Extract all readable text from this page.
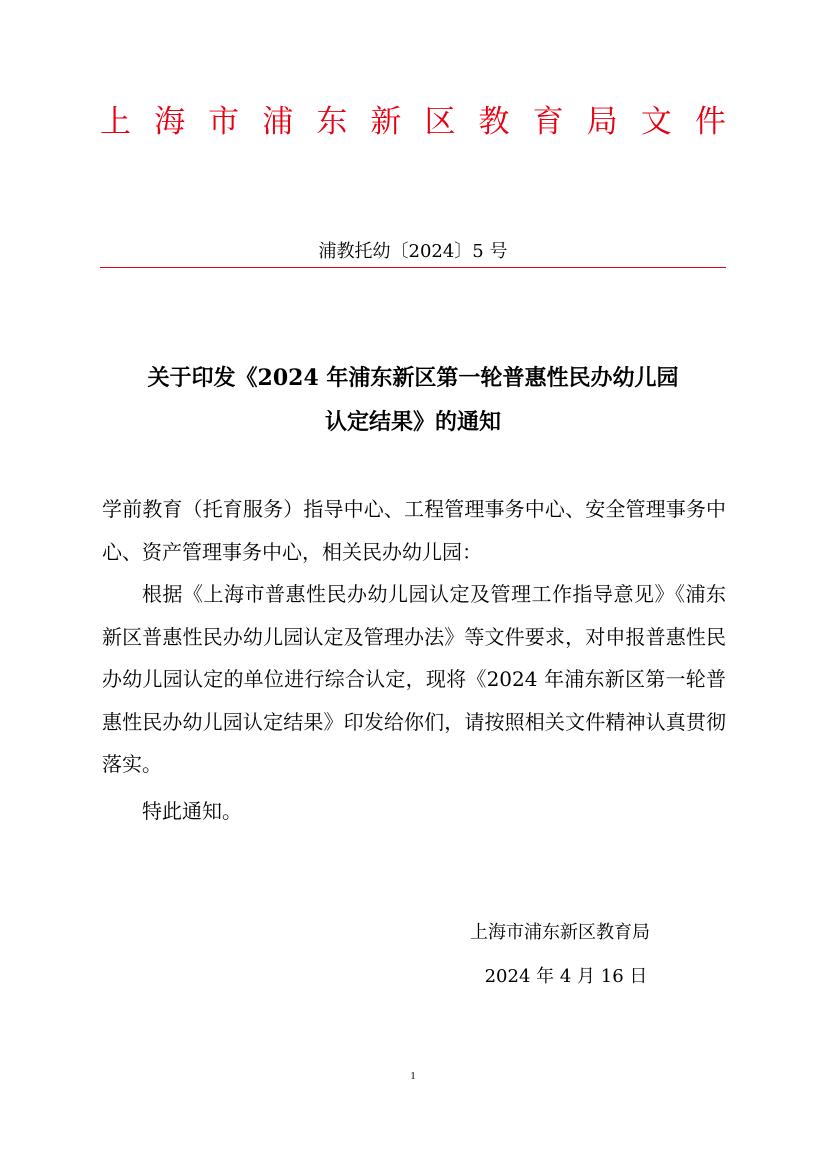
上 海 市 浦 东 新 区 教 育 局 文 件
浦教托幼〔2024〕5 号
关于印发《2024 年浦东新区第一轮普惠性民办幼儿园
认定结果》的通知

学前教育（托育服务）指导中心、工程管理事务中心、安全管理事务中心、资产管理事务中心，相关民办幼儿园：

根据《上海市普惠性民办幼儿园认定及管理工作指导意见》《浦东新区普惠性民办幼儿园认定及管理办法》等文件要求，对申报普惠性民办幼儿园认定的单位进行综合认定，现将《2024 年浦东新区第一轮普惠性民办幼儿园认定结果》印发给你们，请按照相关文件精神认真贯彻落实。

特此通知。

上海市浦东新区教育局
2024 年 4 月 16 日
1
